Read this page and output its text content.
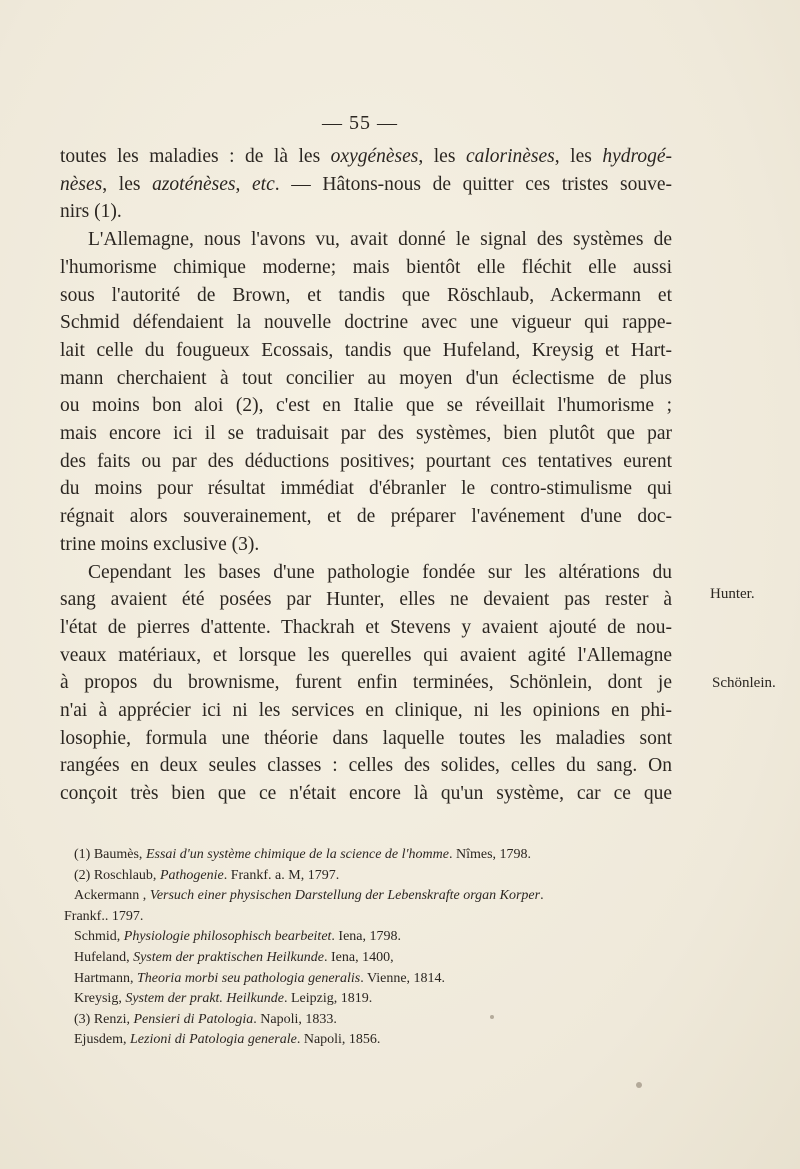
— 55 —
toutes les maladies : de là les oxygénèses, les calorinèses, les hydrogé-
nèses, les azoténèses, etc. — Hâtons-nous de quitter ces tristes souve-
nirs (1).
L'Allemagne, nous l'avons vu, avait donné le signal des systèmes de
l'humorisme chimique moderne; mais bientôt elle fléchit elle aussi
sous l'autorité de Brown, et tandis que Röschlaub, Ackermann et
Schmid défendaient la nouvelle doctrine avec une vigueur qui rappe-
lait celle du fougueux Ecossais, tandis que Hufeland, Kreysig et Hart-
mann cherchaient à tout concilier au moyen d'un éclectisme de plus
ou moins bon aloi (2), c'est en Italie que se réveillait l'humorisme ;
mais encore ici il se traduisait par des systèmes, bien plutôt que par
des faits ou par des déductions positives; pourtant ces tentatives eurent
du moins pour résultat immédiat d'ébranler le contro-stimulisme qui
régnait alors souverainement, et de préparer l'avénement d'une doc-
trine moins exclusive (3).
Cependant les bases d'une pathologie fondée sur les altérations du
sang avaient été posées par Hunter, elles ne devaient pas rester à
l'état de pierres d'attente. Thackrah et Stevens y avaient ajouté de nou-
veaux matériaux, et lorsque les querelles qui avaient agité l'Allemagne
à propos du brownisme, furent enfin terminées, Schönlein, dont je
n'ai à apprécier ici ni les services en clinique, ni les opinions en phi-
losophie, formula une théorie dans laquelle toutes les maladies sont
rangées en deux seules classes : celles des solides, celles du sang. On
conçoit très bien que ce n'était encore là qu'un système, car ce que
Hunter.
Schönlein.
(1) Baumès, Essai d'un système chimique de la science de l'homme. Nîmes, 1798.
(2) Roschlaub, Pathogenie. Frankf. a. M, 1797.
Ackermann , Versuch einer physischen Darstellung der Lebenskrafte organ Korper.
Frankf.. 1797.
Schmid, Physiologie philosophisch bearbeitet. Iena, 1798.
Hufeland, System der praktischen Heilkunde. Iena, 1400,
Hartmann, Theoria morbi seu pathologia generalis. Vienne, 1814.
Kreysig, System der prakt. Heilkunde. Leipzig, 1819.
(3) Renzi, Pensieri di Patologia. Napoli, 1833.
Ejusdem, Lezioni di Patologia generale. Napoli, 1856.
